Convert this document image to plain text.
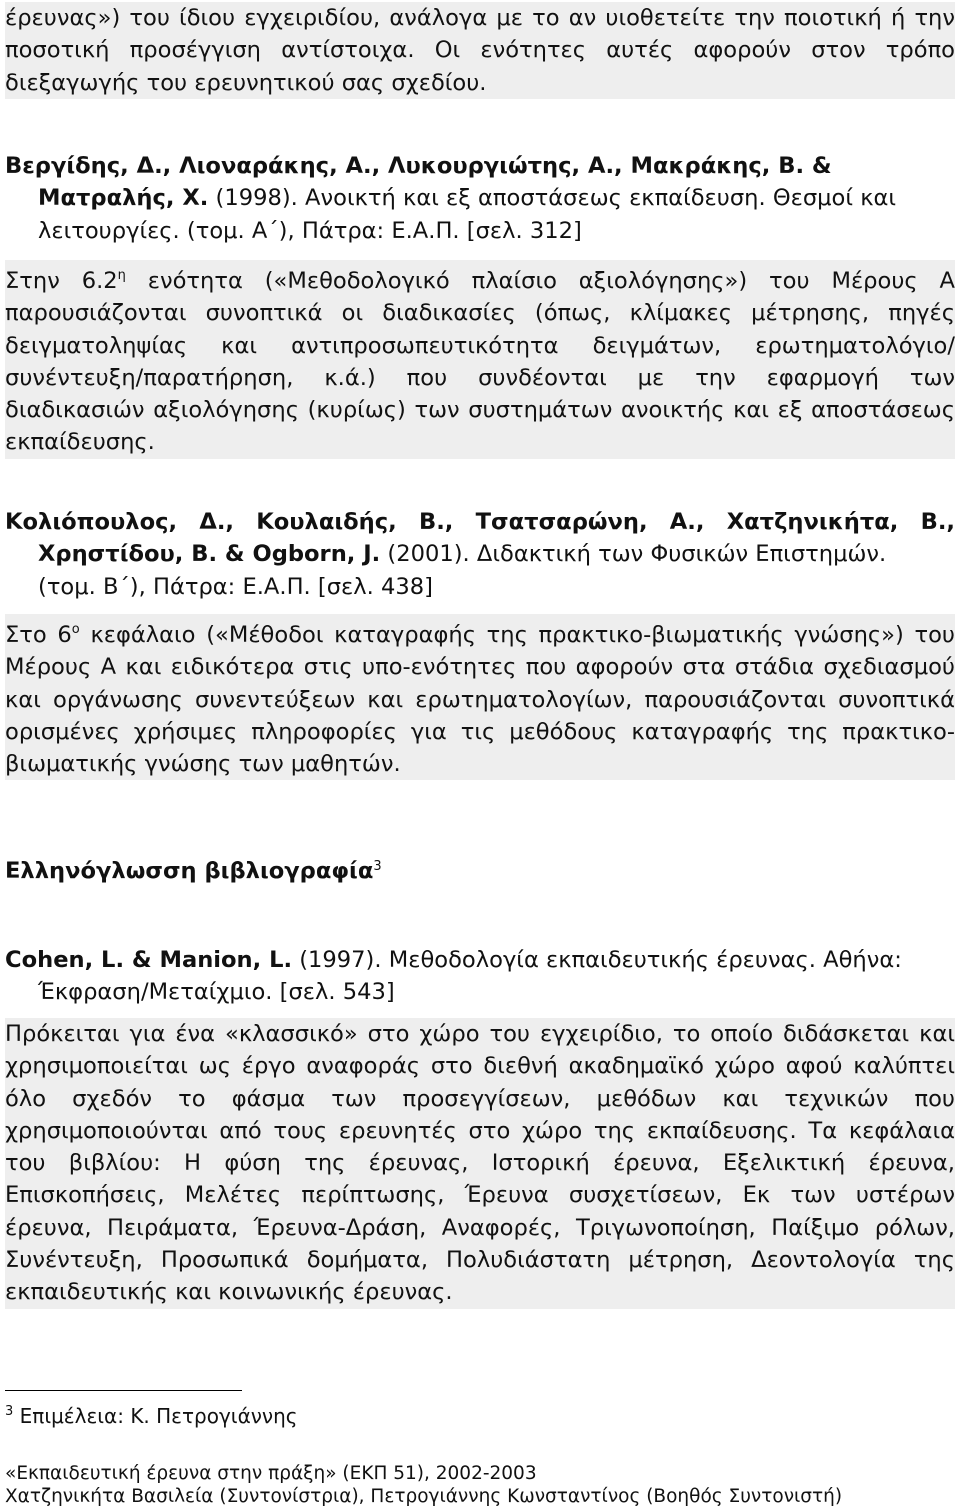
έρευνας») του ίδιου εγχειριδίου, ανάλογα με το αν υιοθετείτε την ποιοτική ή την
ποσοτική προσέγγιση αντίστοιχα. Οι ενότητες αυτές αφορούν στον τρόπο
διεξαγωγής του ερευνητικού σας σχεδίου.
Βεργίδης, Δ., Λιοναράκης, Α., Λυκουργιώτης, Α., Μακράκης, Β. &
Ματραλής, Χ. (1998). Ανοικτή και εξ αποστάσεως εκπαίδευση. Θεσμοί και
λειτουργίες. (τομ. Α΄), Πάτρα: Ε.Α.Π. [σελ. 312]
Στην $6.2^\eta$ ενότητα («Μεθοδολογικό πλαίσιο αξιολόγησης») του Μέρους Α
παρουσιάζονται συνοπτικά οι διαδικασίες (όπως, κλίμακες μέτρησης, πηγές
δειγματοληψίας και αντιπροσωπευτικότητα δειγμάτων, ερωτηματολόγιο/
συνέντευξη/παρατήρηση, κ.ά.) που συνδέονται με την εφαρμογή των
διαδικασιών αξιολόγησης (κυρίως) των συστημάτων ανοικτής και εξ αποστάσεως
εκπαίδευσης.
Κολιόπουλος, Δ., Κουλαιδής, Β., Τσατσαρώνη, Α., Χατζηνικήτα, Β.,
Χρηστίδου, Β. & Ogborn, J. (2001). Διδακτική των Φυσικών Επιστημών.
(τομ. Β΄), Πάτρα: Ε.Α.Π. [σελ. 438]
Στο $6^o$ κεφάλαιο («Μέθοδοι καταγραφής της πρακτικο-βιωματικής γνώσης») του
Μέρους Α και ειδικότερα στις υπο-ενότητες που αφορούν στα στάδια σχεδιασμού
και οργάνωσης συνεντεύξεων και ερωτηματολογίων, παρουσιάζονται συνοπτικά
ορισμένες χρήσιμες πληροφορίες για τις μεθόδους καταγραφής της πρακτικο-
βιωματικής γνώσης των μαθητών.
Ελληνόγλωσση βιβλιογραφία$^3$
Cohen, L. & Manion, L. (1997). Μεθοδολογία εκπαιδευτικής έρευνας. Αθήνα:
Έκφραση/Μεταίχμιο. [σελ. 543]
Πρόκειται για ένα «κλασσικό» στο χώρο του εγχειρίδιο, το οποίο διδάσκεται και
χρησιμοποιείται ως έργο αναφοράς στο διεθνή ακαδημαϊκό χώρο αφού καλύπτει
όλο σχεδόν το φάσμα των προσεγγίσεων, μεθόδων και τεχνικών που
χρησιμοποιούνται από τους ερευνητές στο χώρο της εκπαίδευσης. Τα κεφάλαια
του βιβλίου: Η φύση της έρευνας, Ιστορική έρευνα, Εξελικτική έρευνα,
Επισκοπήσεις, Μελέτες περίπτωσης, Έρευνα συσχετίσεων, Εκ των υστέρων
έρευνα, Πειράματα, Έρευνα-Δράση, Αναφορές, Τριγωνοποίηση, Παίξιμο ρόλων,
Συνέντευξη, Προσωπικά δομήματα, Πολυδιάστατη μέτρηση, Δεοντολογία της
εκπαιδευτικής και κοινωνικής έρευνας.
$^3$ Επιμέλεια: Κ. Πετρογιάννης
«Εκπαιδευτική έρευνα στην πράξη» (ΕΚΠ 51), 2002-2003
Χατζηνικήτα Βασιλεία (Συντονίστρια), Πετρογιάννης Κωνσταντίνος (Βοηθός Συντονιστή)
